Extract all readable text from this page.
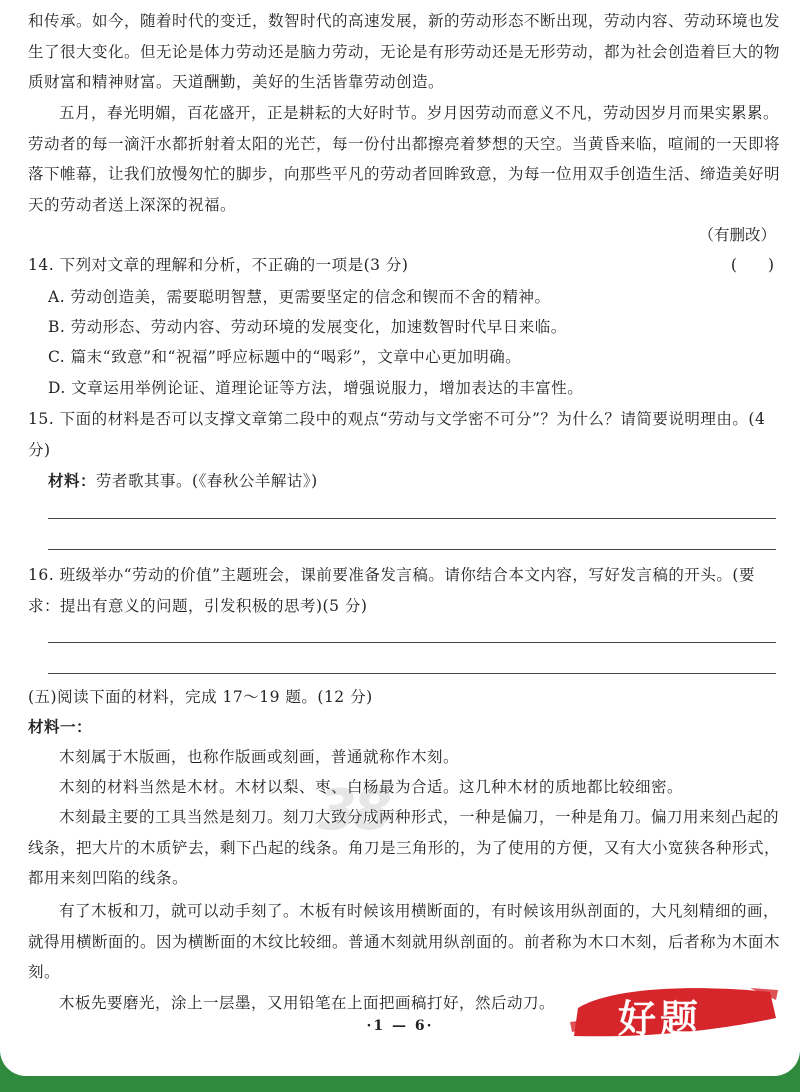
和传承。如今，随着时代的变迁，数智时代的高速发展，新的劳动形态不断出现，劳动内容、劳动环境也发生了很大变化。但无论是体力劳动还是脑力劳动，无论是有形劳动还是无形劳动，都为社会创造着巨大的物质财富和精神财富。天道酬勤，美好的生活皆靠劳动创造。

五月，春光明媚，百花盛开，正是耕耘的大好时节。岁月因劳动而意义不凡，劳动因岁月而果实累累。劳动者的每一滴汗水都折射着太阳的光芒，每一份付出都擦亮着梦想的天空。当黄昏来临，喧闹的一天即将落下帷幕，让我们放慢匆忙的脚步，向那些平凡的劳动者回眸致意，为每一位用双手创造生活、缔造美好明天的劳动者送上深深的祝福。

（有删改）
14. 下列对文章的理解和分析，不正确的一项是(3 分)	(　　)
A. 劳动创造美，需要聪明智慧，更需要坚定的信念和锲而不舍的精神。
B. 劳动形态、劳动内容、劳动环境的发展变化，加速数智时代早日来临。
C. 篇末“致意”和“祝福”呼应标题中的“喝彩”，文章中心更加明确。
D. 文章运用举例论证、道理论证等方法，增强说服力，增加表达的丰富性。

15. 下面的材料是否可以支撑文章第二段中的观点“劳动与文学密不可分”？为什么？请简要说明理由。(4 分)

材料：劳者歌其事。(《春秋公羊解诂》)

16. 班级举办“劳动的价值”主题班会，课前要准备发言稿。请你结合本文内容，写好发言稿的开头。(要求：提出有意义的问题，引发积极的思考)(5 分)

(五)阅读下面的材料，完成 17～19 题。(12 分)
材料一：

木刻属于木版画，也称作版画或刻画，普通就称作木刻。

木刻的材料当然是木材。木材以梨、枣、白杨最为合适。这几种木材的质地都比较细密。

木刻最主要的工具当然是刻刀。刻刀大致分成两种形式，一种是偏刀，一种是角刀。偏刀用来刻凸起的线条，把大片的木质铲去，剩下凸起的线条。角刀是三角形的，为了使用的方便，又有大小宽狭各种形式，都用来刻凹陷的线条。

有了木板和刀，就可以动手刻了。木板有时候该用横断面的，有时候该用纵剖面的，大凡刻精细的画，就得用横断面的。因为横断面的木纹比较细。普通木刻就用纵剖面的。前者称为木口木刻，后者称为木面木刻。

木板先要磨光，涂上一层墨，又用铅笔在上面把画稿打好，然后动刀。

38
·1 — 6·	好题
